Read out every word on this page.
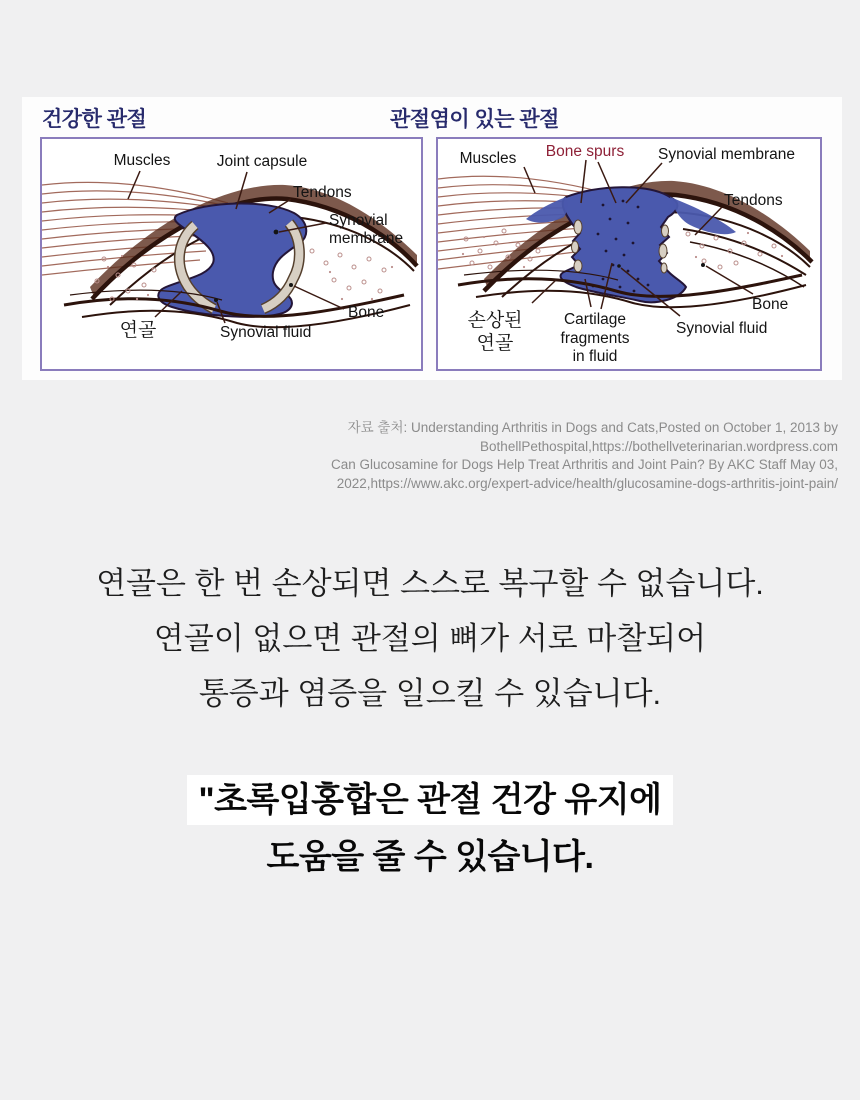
건강한 관절	관절염이 있는 관절
Muscles	Joint capsule
Tendons
Synovial
membrane
연골	Synovial fluid
Bone
Muscles Bone spurs Synovial membrane
Tendons
손상된
연골
Cartilage
fragments
in fluid
Synovial fluid
Bone
자료 출처: Understanding Arthritis in Dogs and Cats,Posted on October 1, 2013 by
BothellPethospital,https://bothellveterinarian.wordpress.com
Can Glucosamine for Dogs Help Treat Arthritis and Joint Pain? By AKC Staff May 03,
2022,https://www.akc.org/expert-advice/health/glucosamine-dogs-arthritis-joint-pain/
연골은 한 번 손상되면 스스로 복구할 수 없습니다.
연골이 없으면 관절의 뼈가 서로 마찰되어
통증과 염증을 일으킬 수 있습니다.
"초록입홍합은 관절 건강 유지에
도움을 줄 수 있습니다.
